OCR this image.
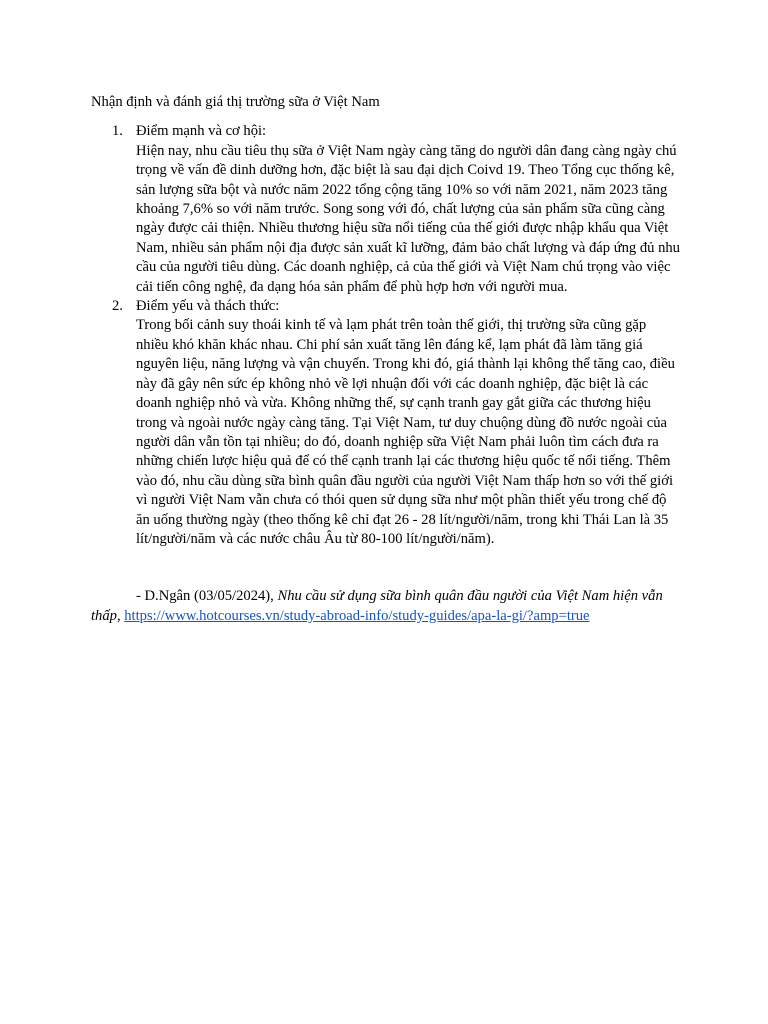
Nhận định và đánh giá thị trường sữa ở Việt Nam

1. Điểm mạnh và cơ hội:

Hiện nay, nhu cầu tiêu thụ sữa ở Việt Nam ngày càng tăng do người dân đang càng ngày chú trọng về vấn đề dinh dưỡng hơn, đặc biệt là sau đại dịch Coivd 19. Theo Tổng cục thống kê, sản lượng sữa bột và nước năm 2022 tổng cộng tăng 10% so với năm 2021, năm 2023 tăng khoảng 7,6% so với năm trước. Song song với đó, chất lượng của sản phẩm sữa cũng càng ngày được cải thiện. Nhiều thương hiệu sữa nổi tiếng của thế giới được nhập khẩu qua Việt Nam, nhiều sản phẩm nội địa được sản xuất kĩ lưỡng, đảm bảo chất lượng và đáp ứng đủ nhu cầu của người tiêu dùng. Các doanh nghiệp, cả của thế giới và Việt Nam chú trọng vào việc cải tiến công nghệ, đa dạng hóa sản phẩm để phù hợp hơn với người mua.

2. Điểm yếu và thách thức:

Trong bối cảnh suy thoái kinh tế và lạm phát trên toàn thế giới, thị trường sữa cũng gặp nhiều khó khăn khác nhau. Chi phí sản xuất tăng lên đáng kể, lạm phát đã làm tăng giá nguyên liệu, năng lượng và vận chuyển. Trong khi đó, giá thành lại không thể tăng cao, điều này đã gây nên sức ép không nhỏ về lợi nhuận đối với các doanh nghiệp, đặc biệt là các doanh nghiệp nhỏ và vừa. Không những thế, sự cạnh tranh gay gắt giữa các thương hiệu trong và ngoài nước ngày càng tăng. Tại Việt Nam, tư duy chuộng dùng đồ nước ngoài của người dân vẫn tồn tại nhiều; do đó, doanh nghiệp sữa Việt Nam phải luôn tìm cách đưa ra những chiến lược hiệu quả để có thể cạnh tranh lại các thương hiệu quốc tế nổi tiếng. Thêm vào đó, nhu cầu dùng sữa bình quân đầu người của người Việt Nam thấp hơn so với thế giới vì người Việt Nam vẫn chưa có thói quen sử dụng sữa như một phần thiết yếu trong chế độ ăn uống thường ngày (theo thống kê chỉ đạt 26 - 28 lít/người/năm, trong khi Thái Lan là 35 lít/người/năm và các nước châu Âu từ 80-100 lít/người/năm).

- D.Ngân (03/05/2024), Nhu cầu sử dụng sữa bình quân đầu người của Việt Nam hiện vẫn thấp, https://www.hotcourses.vn/study-abroad-info/study-guides/apa-la-gi/?amp=true
